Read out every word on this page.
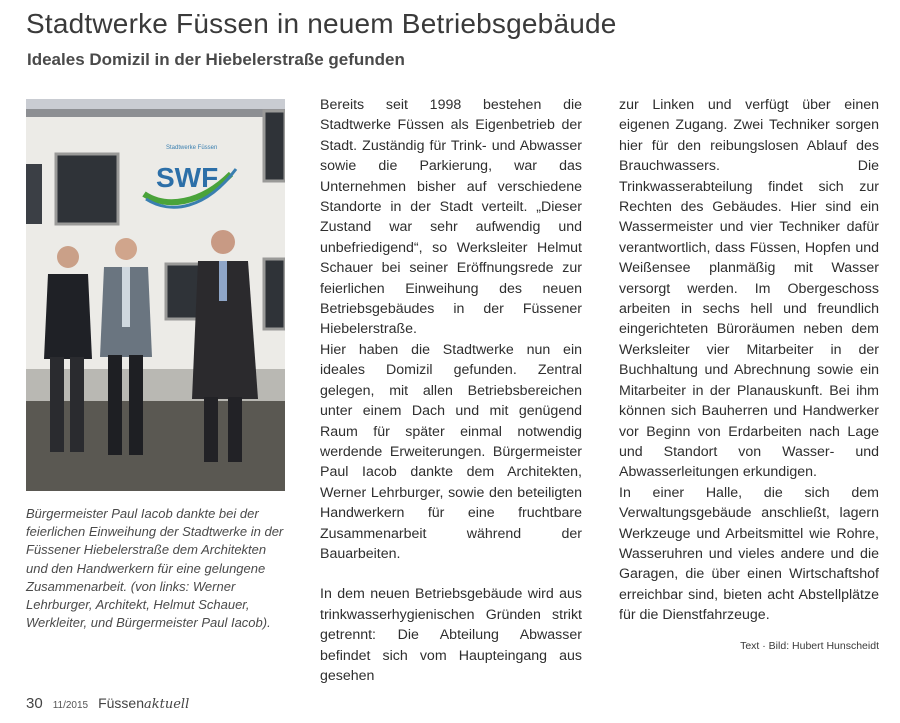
Stadtwerke Füssen in neuem Betriebsgebäude
Ideales Domizil in der Hiebelerstraße gefunden
Stadtwerke Füssen
SWF
Bürgermeister Paul Iacob dankte bei der feierlichen Einweihung der Stadtwerke in der Füssener Hiebelerstraße dem Architekten und den Handwerkern für eine gelungene Zusammenarbeit. (von links: Werner Lehrburger, Architekt, Helmut Schauer, Werkleiter, und Bürgermeister Paul Iacob).

Bereits seit 1998 bestehen die Stadtwerke Füssen als Eigenbetrieb der Stadt. Zuständig für Trink- und Abwasser sowie die Parkierung, war das Unternehmen bisher auf verschiedene Standorte in der Stadt verteilt. „Dieser Zustand war sehr aufwendig und unbefriedigend“, so Werksleiter Helmut Schauer bei seiner Eröffnungsrede zur feierlichen Einweihung des neuen Betriebsgebäudes in der Füssener Hiebelerstraße.

Hier haben die Stadtwerke nun ein ideales Domizil gefunden. Zentral gelegen, mit allen Betriebsbereichen unter einem Dach und mit genügend Raum für später einmal notwendig werdende Erweiterungen. Bürgermeister Paul Iacob dankte dem Architekten, Werner Lehrburger, sowie den beteiligten Handwerkern für eine fruchtbare Zusammenarbeit während der Bauarbeiten.

In dem neuen Betriebsgebäude wird aus trinkwasserhygienischen Gründen strikt getrennt: Die Abteilung Abwasser befindet sich vom Haupteingang aus gesehen

zur Linken und verfügt über einen eigenen Zugang. Zwei Techniker sorgen hier für den reibungslosen Ablauf des Brauchwassers. Die Trinkwasserabteilung findet sich zur Rechten des Gebäudes. Hier sind ein Wassermeister und vier Techniker dafür verantwortlich, dass Füssen, Hopfen und Weißensee planmäßig mit Wasser versorgt werden. Im Obergeschoss arbeiten in sechs hell und freundlich eingerichteten Büroräumen neben dem Werksleiter vier Mitarbeiter in der Buchhaltung und Abrechnung sowie ein Mitarbeiter in der Planauskunft. Bei ihm können sich Bauherren und Handwerker vor Beginn von Erdarbeiten nach Lage und Standort von Wasser- und Abwasserleitungen erkundigen.

In einer Halle, die sich dem Verwaltungsgebäude anschließt, lagern Werkzeuge und Arbeitsmittel wie Rohre, Wasseruhren und vieles andere und die Garagen, die über einen Wirtschaftshof erreichbar sind, bieten acht Abstellplätze für die Dienstfahrzeuge.

Text · Bild: Hubert Hunscheidt
30 11/2015 Füssenaktuell
